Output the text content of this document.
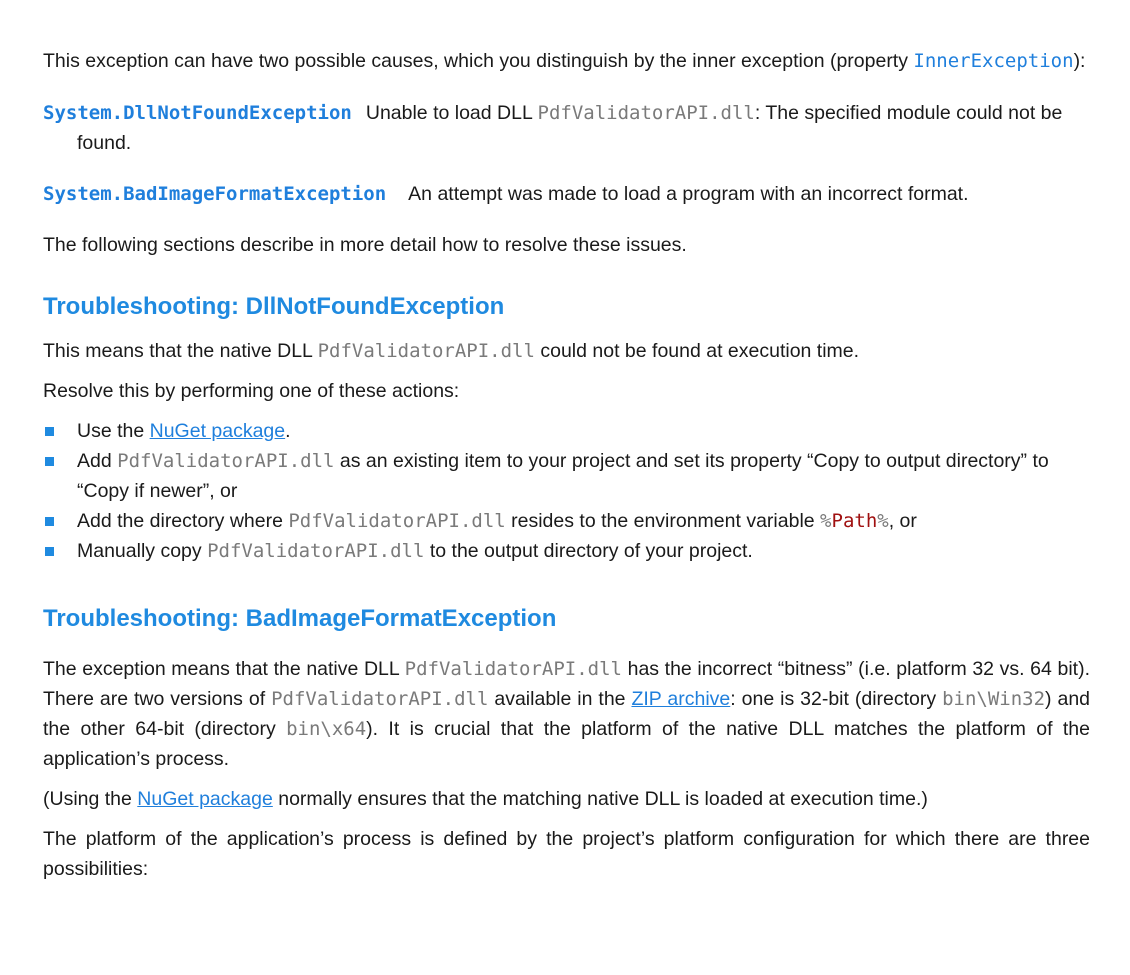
This exception can have two possible causes, which you distinguish by the inner exception (property InnerException):

System.DllNotFoundException Unable to load DLL PdfValidatorAPI.dll: The specified module could not be found.

System.BadImageFormatException An attempt was made to load a program with an incorrect format.

The following sections describe in more detail how to resolve these issues.

Troubleshooting: DllNotFoundException

This means that the native DLL PdfValidatorAPI.dll could not be found at execution time.

Resolve this by performing one of these actions:

Use the NuGet package.
Add PdfValidatorAPI.dll as an existing item to your project and set its property “Copy to output directory” to “Copy if newer”, or
Add the directory where PdfValidatorAPI.dll resides to the environment variable %Path%, or
Manually copy PdfValidatorAPI.dll to the output directory of your project.
Troubleshooting: BadImageFormatException

The exception means that the native DLL PdfValidatorAPI.dll has the incorrect “bitness” (i.e. platform 32 vs. 64 bit). There are two versions of PdfValidatorAPI.dll available in the ZIP archive: one is 32-bit (directory bin\Win32) and the other 64-bit (directory bin\x64). It is crucial that the platform of the native DLL matches the platform of the application’s process.

(Using the NuGet package normally ensures that the matching native DLL is loaded at execution time.)

The platform of the application’s process is defined by the project’s platform configuration for which there are three possibilities:
